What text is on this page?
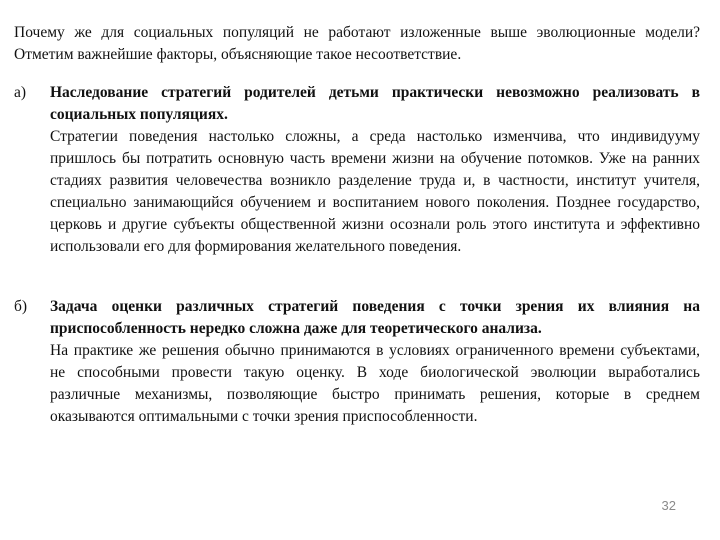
Почему же для социальных популяций не работают изложенные выше эволюционные модели? Отметим важнейшие факторы, объясняющие такое несоответствие.

а)	Наследование стратегий родителей детьми практически невозможно реализовать в социальных популяциях.

Стратегии поведения настолько сложны, а среда настолько изменчива, что индивидууму пришлось бы потратить основную часть времени жизни на обучение потомков. Уже на ранних стадиях развития человечества возникло разделение труда и, в частности, институт учителя, специально занимающийся обучением и воспитанием нового поколения. Позднее государство, церковь и другие субъекты общественной жизни осознали роль этого института и эффективно использовали его для формирования желательного поведения.

б)	Задача оценки различных стратегий поведения с точки зрения их влияния на приспособленность нередко сложна даже для теоретического анализа.

На практике же решения обычно принимаются в условиях ограниченного времени субъектами, не способными провести такую оценку. В ходе биологической эволюции выработались различные механизмы, позволяющие быстро принимать решения, которые в среднем оказываются оптимальными с точки зрения приспособленности.

32
